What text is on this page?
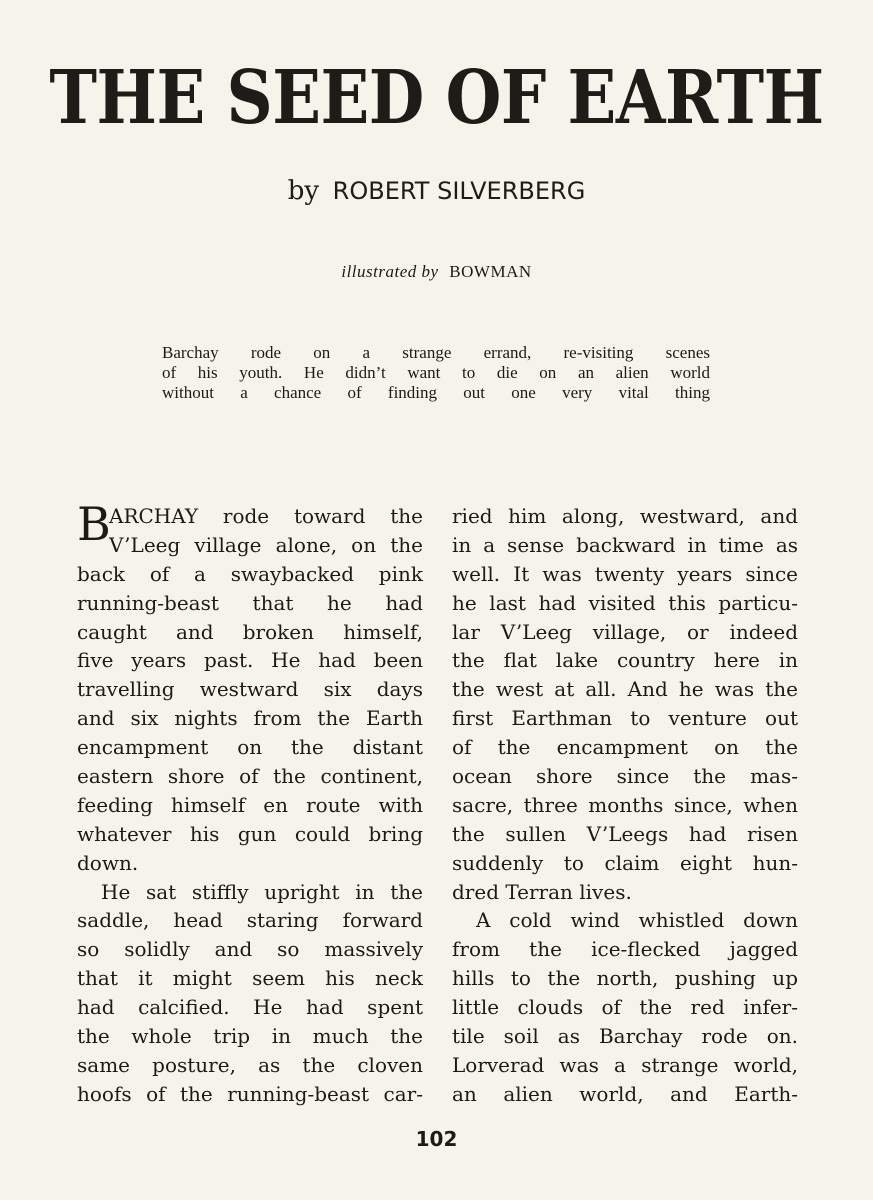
THE SEED OF EARTH
by ROBERT SILVERBERG
illustrated by BOWMAN
Barchay rode on a strange errand, re-visiting scenes
of his youth. He didn’t want to die on an alien world
without a chance of finding out one very vital thing
B
ARCHAY rode toward the
V’Leeg village alone, on the
back of a swaybacked pink
running-beast that he had
caught and broken himself,
five years past. He had been
travelling westward six days
and six nights from the Earth
encampment on the distant
eastern shore of the continent,
feeding himself en route with
whatever his gun could bring
down.
He sat stiffly upright in the
saddle, head staring forward
so solidly and so massively
that it might seem his neck
had calcified. He had spent
the whole trip in much the
same posture, as the cloven
hoofs of the running-beast car-
ried him along, westward, and
in a sense backward in time as
well. It was twenty years since
he last had visited this particu-
lar V’Leeg village, or indeed
the flat lake country here in
the west at all. And he was the
first Earthman to venture out
of the encampment on the
ocean shore since the mas-
sacre, three months since, when
the sullen V’Leegs had risen
suddenly to claim eight hun-
dred Terran lives.
A cold wind whistled down
from the ice-flecked jagged
hills to the north, pushing up
little clouds of the red infer-
tile soil as Barchay rode on.
Lorverad was a strange world,
an alien world, and Earth-
102
